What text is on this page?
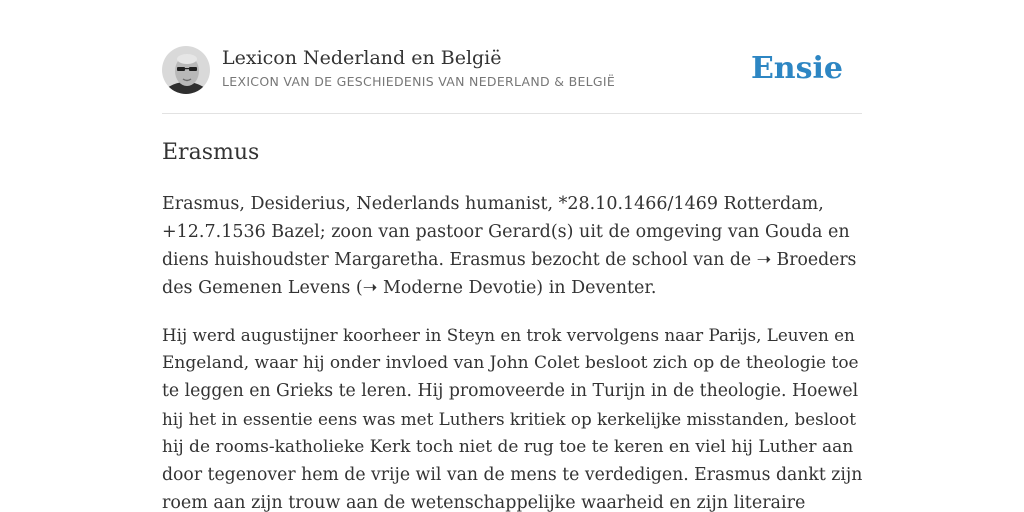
Lexicon Nederland en België
LEXICON VAN DE GESCHIEDENIS VAN NEDERLAND & BELGIË	Ensie
Erasmus

Erasmus, Desiderius, Nederlands humanist, *28.10.1466/1469 Rotterdam,
+12.7.1536 Bazel; zoon van pastoor Gerard(s) uit de omgeving van Gouda en
diens huishoudster Margaretha. Erasmus bezocht de school van de ➝ Broeders
des Gemenen Levens (➝ Moderne Devotie) in Deventer.

Hij werd augustijner koorheer in Steyn en trok vervolgens naar Parijs, Leuven en
Engeland, waar hij onder invloed van John Colet besloot zich op de theologie toe
te leggen en Grieks te leren. Hij promoveerde in Turijn in de theologie. Hoewel
hij het in essentie eens was met Luthers kritiek op kerkelijke misstanden, besloot
hij de rooms-katholieke Kerk toch niet de rug toe te keren en viel hij Luther aan
door tegenover hem de vrije wil van de mens te verdedigen. Erasmus dankt zijn
roem aan zijn trouw aan de wetenschappelijke waarheid en zijn literaire
